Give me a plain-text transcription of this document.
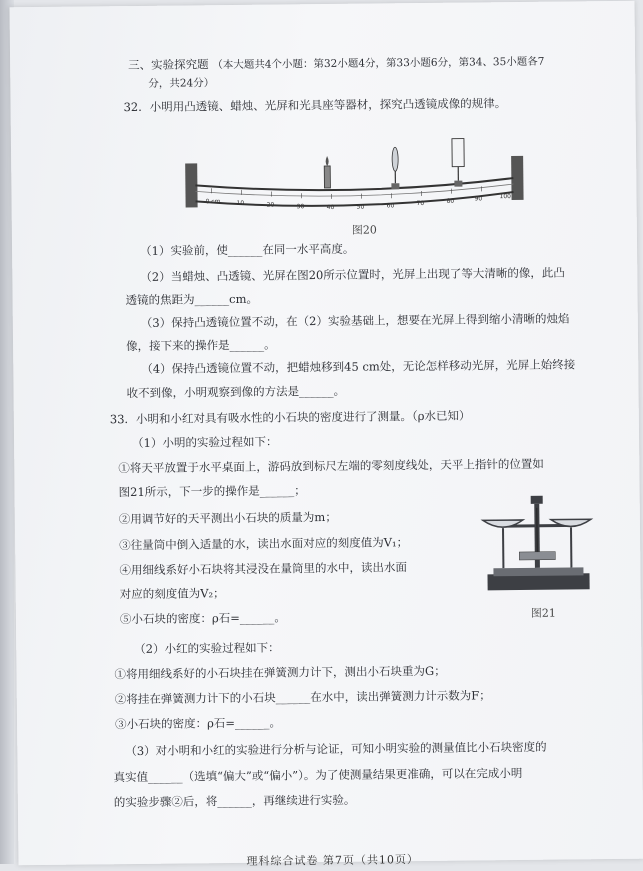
三、实验探究题 （本大题共4个小题：第32小题4分，第33小题6分，第34、35小题各7
分，共24分）
32．小明用凸透镜、蜡烛、光屏和光具座等器材，探究凸透镜成像的规律。
0 cm	10	20	30	40	50	60	70	80	90	100
图20
（1）实验前，使______在同一水平高度。
（2）当蜡烛、凸透镜、光屏在图20所示位置时，光屏上出现了等大清晰的像，此凸
透镜的焦距为______cm。
（3）保持凸透镜位置不动，在（2）实验基础上，想要在光屏上得到缩小清晰的烛焰
像，接下来的操作是______。
（4）保持凸透镜位置不动，把蜡烛移到45 cm处，无论怎样移动光屏，光屏上始终接
收不到像，小明观察到像的方法是______。
33．小明和小红对具有吸水性的小石块的密度进行了测量。（ρ水已知）
（1）小明的实验过程如下：
①将天平放置于水平桌面上，游码放到标尺左端的零刻度线处，天平上指针的位置如
图21所示，下一步的操作是______；
②用调节好的天平测出小石块的质量为m；
③往量筒中倒入适量的水，读出水面对应的刻度值为V₁；
④用细线系好小石块将其浸没在量筒里的水中，读出水面
对应的刻度值为V₂；
⑤小石块的密度：ρ石=______。	图21
（2）小红的实验过程如下：
①将用细线系好的小石块挂在弹簧测力计下，测出小石块重为G；
②将挂在弹簧测力计下的小石块______在水中，读出弹簧测力计示数为F；
③小石块的密度：ρ石=______。
（3）对小明和小红的实验进行分析与论证，可知小明实验的测量值比小石块密度的
真实值______（选填“偏大”或“偏小”）。为了使测量结果更准确，可以在完成小明
的实验步骤②后，将______，再继续进行实验。
理科综合试卷 第7页（共10页）
